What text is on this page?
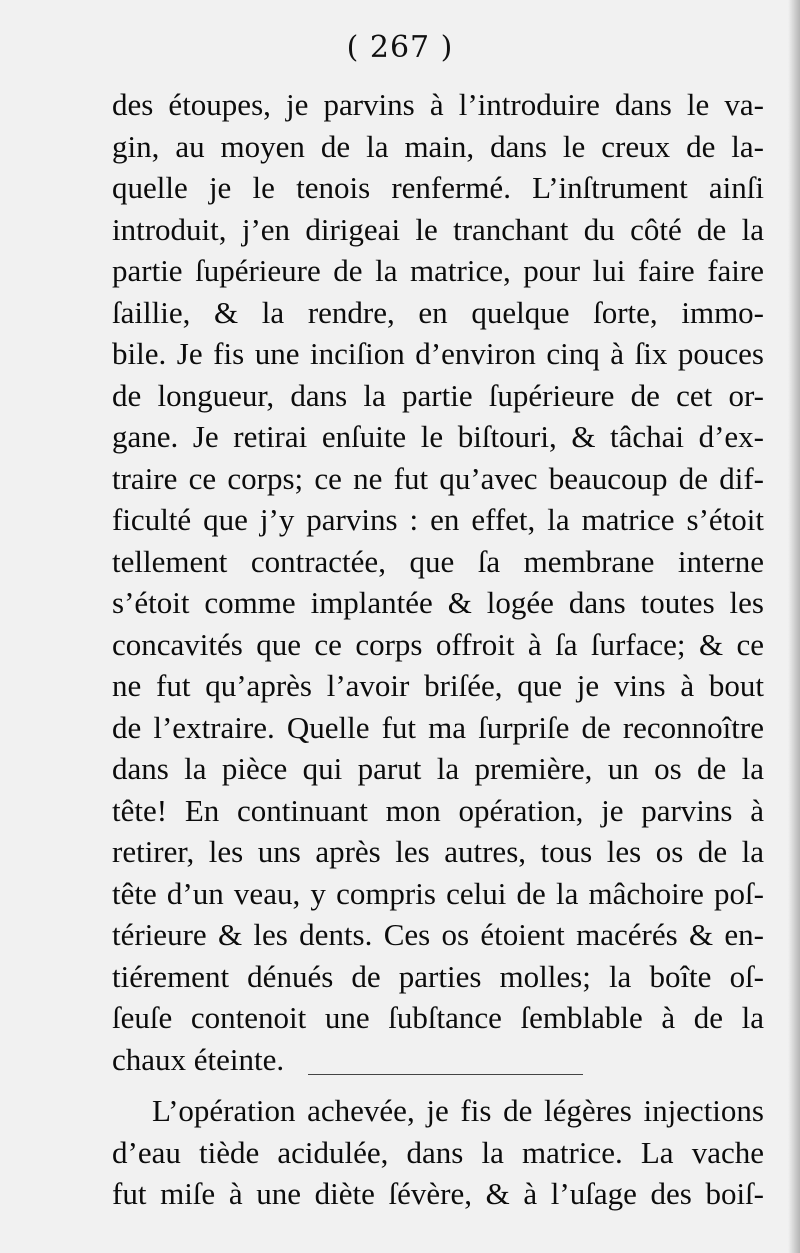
( 267 )
des étoupes, je parvins à l’introduire dans le va-
gin, au moyen de la main, dans le creux de la-
quelle je le tenois renfermé. L’inſtrument ainſi
introduit, j’en dirigeai le tranchant du côté de la
partie ſupérieure de la matrice, pour lui faire faire
ſaillie, & la rendre, en quelque ſorte, immo-
bile. Je fis une inciſion d’environ cinq à ſix pouces
de longueur, dans la partie ſupérieure de cet or-
gane. Je retirai enſuite le biſtouri, & tâchai d’ex-
traire ce corps; ce ne fut qu’avec beaucoup de dif-
ficulté que j’y parvins : en effet, la matrice s’étoit
tellement contractée, que ſa membrane interne
s’étoit comme implantée & logée dans toutes les
concavités que ce corps offroit à ſa ſurface; & ce
ne fut qu’après l’avoir briſée, que je vins à bout
de l’extraire. Quelle fut ma ſurpriſe de reconnoître
dans la pièce qui parut la première, un os de la
tête! En continuant mon opération, je parvins à
retirer, les uns après les autres, tous les os de la
tête d’un veau, y compris celui de la mâchoire poſ-
térieure & les dents. Ces os étoient macérés & en-
tiérement dénués de parties molles; la boîte oſ-
ſeuſe contenoit une ſubſtance ſemblable à de la
chaux éteinte.
L’opération achevée, je fis de légères injections
d’eau tiède acidulée, dans la matrice. La vache
fut miſe à une diète ſévère, & à l’uſage des boiſ-
